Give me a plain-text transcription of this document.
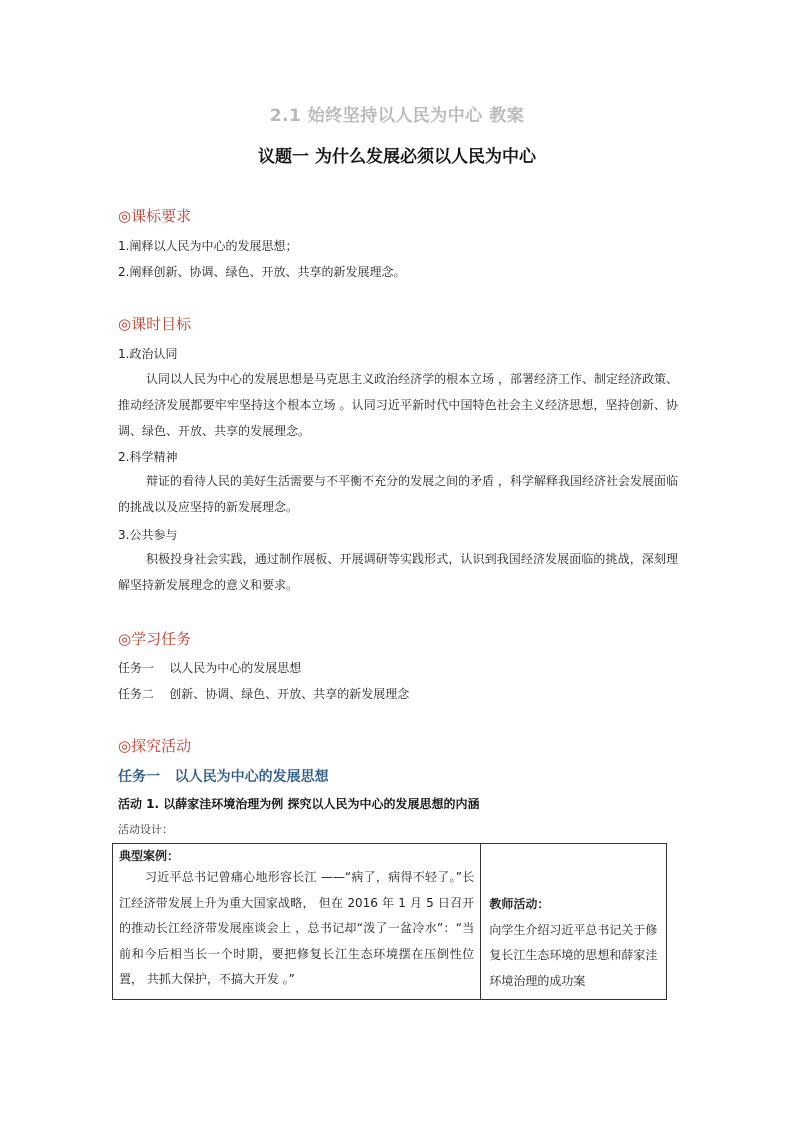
2.1 始终坚持以人民为中心 教案
议题一 为什么发展必须以人民为中心
◎课标要求
1.阐释以人民为中心的发展思想；
2.阐释创新、协调、绿色、开放、共享的新发展理念。
◎课时目标
1.政治认同
认同以人民为中心的发展思想是马克思主义政治经济学的根本立场 ，部署经济工作、制定经济政策、推动经济发展都要牢牢坚持这个根本立场 。认同习近平新时代中国特色社会主义经济思想，坚持创新、协调、绿色、开放、共享的发展理念。
2.科学精神
辩证的看待人民的美好生活需要与不平衡不充分的发展之间的矛盾 ，科学解释我国经济社会发展面临的挑战以及应坚持的新发展理念。
3.公共参与
积极投身社会实践，通过制作展板、开展调研等实践形式，认识到我国经济发展面临的挑战，深刻理解坚持新发展理念的意义和要求。
◎学习任务
任务一    以人民为中心的发展思想
任务二    创新、协调、绿色、开放、共享的新发展理念
◎探究活动
任务一   以人民为中心的发展思想
活动 1. 以薛家洼环境治理为例 探究以人民为中心的发展思想的内涵
活动设计：
典型案例：
习近平总书记曾痛心地形容长江 ——“病了，病得不轻了。”长江经济带发展上升为重大国家战略， 但在 2016 年 1 月 5 日召开的推动长江经济带发展座谈会上 ，总书记却“泼了一盆冷水”：“当前和今后相当长一个时期，要把修复长江生态环境摆在压倒性位置， 共抓大保护，不搞大开发 。”

教师活动：
向学生介绍习近平总书记关于修复长江生态环境的思想和薛家洼环境治理的成功案
